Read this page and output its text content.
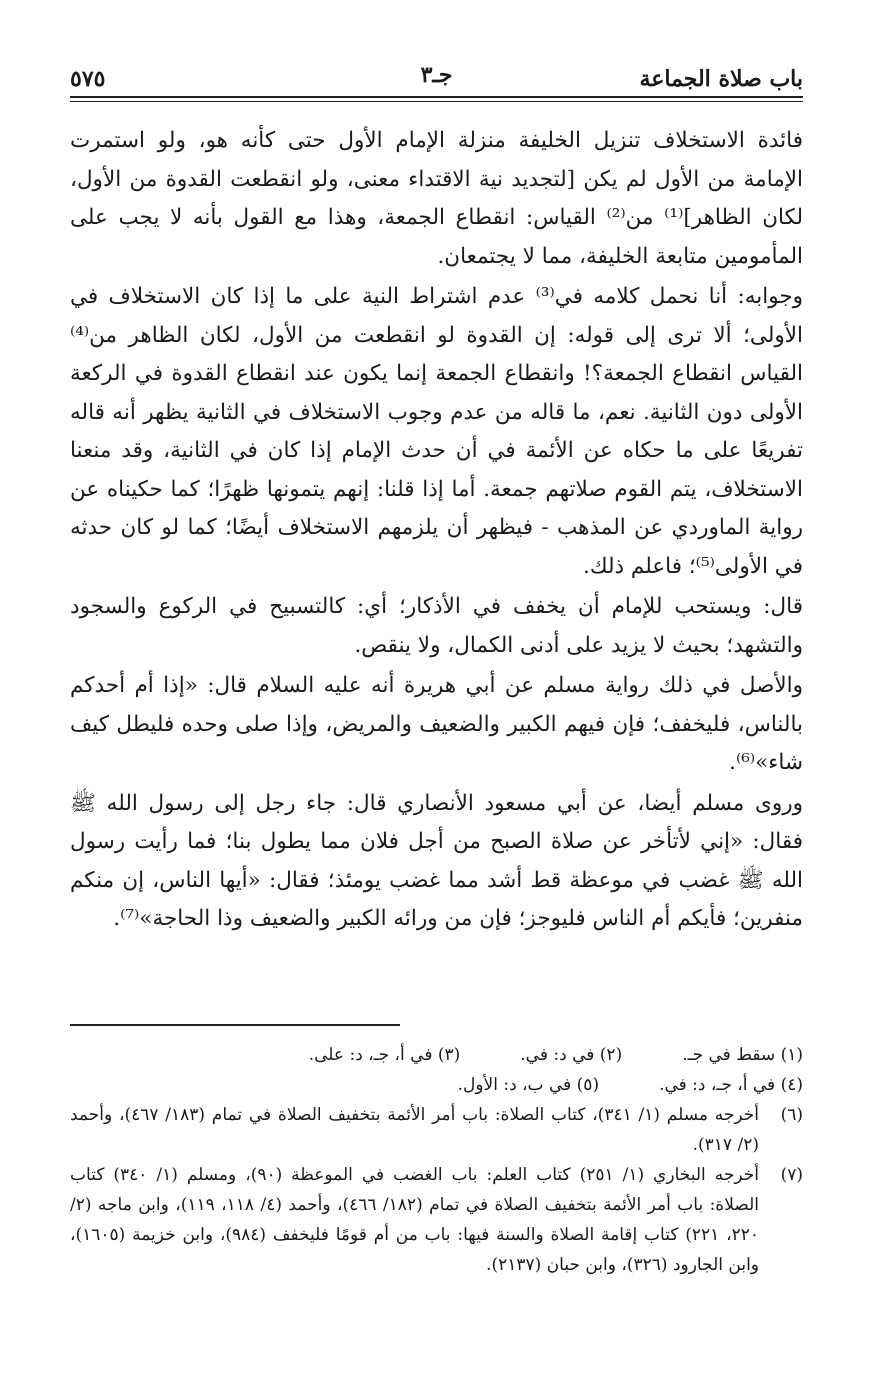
باب صلاة الجماعة
جـ٣
٥٧٥

فائدة الاستخلاف تنزيل الخليفة منزلة الإمام الأول حتى كأنه هو، ولو استمرت الإمامة من الأول لم يكن [لتجديد نية الاقتداء معنى، ولو انقطعت القدوة من الأول، لكان الظاهر]⁽¹⁾ من⁽²⁾ القياس: انقطاع الجمعة، وهذا مع القول بأنه لا يجب على المأمومين متابعة الخليفة، مما لا يجتمعان.

وجوابه: أنا نحمل كلامه في⁽³⁾ عدم اشتراط النية على ما إذا كان الاستخلاف في الأولى؛ ألا ترى إلى قوله: إن القدوة لو انقطعت من الأول، لكان الظاهر من⁽⁴⁾ القياس انقطاع الجمعة؟! وانقطاع الجمعة إنما يكون عند انقطاع القدوة في الركعة الأولى دون الثانية. نعم، ما قاله من عدم وجوب الاستخلاف في الثانية يظهر أنه قاله تفريعًا على ما حكاه عن الأئمة في أن حدث الإمام إذا كان في الثانية، وقد منعنا الاستخلاف، يتم القوم صلاتهم جمعة. أما إذا قلنا: إنهم يتمونها ظهرًا؛ كما حكيناه عن رواية الماوردي عن المذهب - فيظهر أن يلزمهم الاستخلاف أيضًا؛ كما لو كان حدثه في الأولى⁽⁵⁾؛ فاعلم ذلك.

قال: ويستحب للإمام أن يخفف في الأذكار؛ أي: كالتسبيح في الركوع والسجود والتشهد؛ بحيث لا يزيد على أدنى الكمال، ولا ينقص.

والأصل في ذلك رواية مسلم عن أبي هريرة أنه عليه السلام قال: «إذا أم أحدكم بالناس، فليخفف؛ فإن فيهم الكبير والضعيف والمريض، وإذا صلى وحده فليطل كيف شاء»⁽⁶⁾.

وروى مسلم أيضا، عن أبي مسعود الأنصاري قال: جاء رجل إلى رسول الله ﷺ فقال: «إني لأتأخر عن صلاة الصبح من أجل فلان مما يطول بنا؛ فما رأيت رسول الله ﷺ غضب في موعظة قط أشد مما غضب يومئذ؛ فقال: «أيها الناس، إن منكم منفرين؛ فأيكم أم الناس فليوجز؛ فإن من ورائه الكبير والضعيف وذا الحاجة»⁽⁷⁾.

(١) سقط في جـ.
(٢) في د: في.
(٣) في أ، جـ، د: على.
(٤) في أ، جـ، د: في.
(٥) في ب، د: الأول.
(٦)
أخرجه مسلم (١/ ٣٤١)، كتاب الصلاة: باب أمر الأئمة بتخفيف الصلاة في تمام (١٨٣/ ٤٦٧)، وأحمد (٢/ ٣١٧).
(٧)
أخرجه البخاري (١/ ٢٥١) كتاب العلم: باب الغضب في الموعظة (٩٠)، ومسلم (١/ ٣٤٠) كتاب الصلاة: باب أمر الأئمة بتخفيف الصلاة في تمام (١٨٢/ ٤٦٦)، وأحمد (٤/ ١١٨، ١١٩)، وابن ماجه (٢/ ٢٢٠، ٢٢١) كتاب إقامة الصلاة والسنة فيها: باب من أم قومًا فليخفف (٩٨٤)، وابن خزيمة (١٦٠٥)، وابن الجارود (٣٢٦)، وابن حبان (٢١٣٧).
